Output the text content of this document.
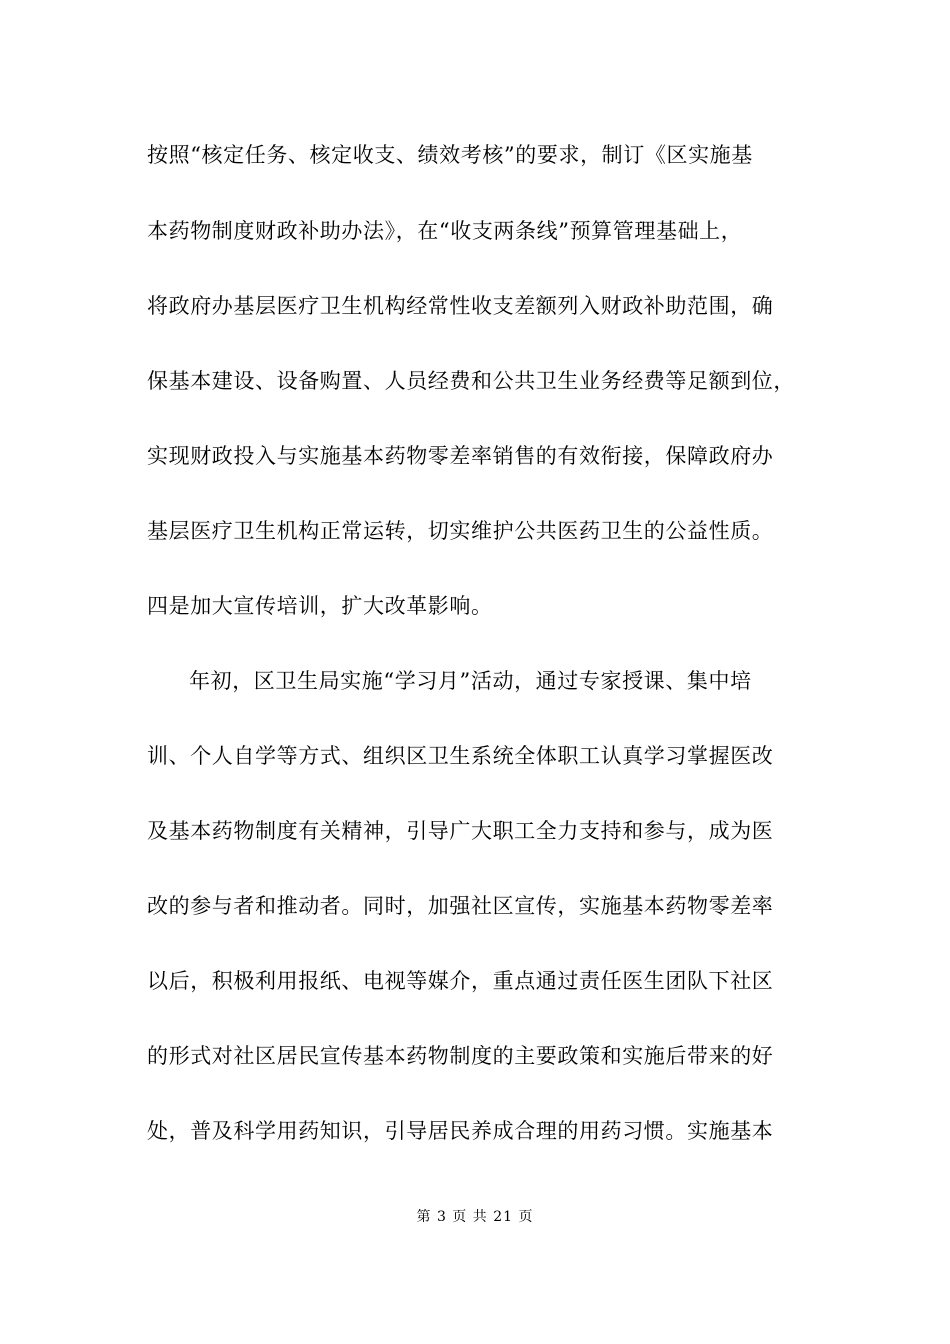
按照“核定任务、核定收支、绩效考核”的要求，制订《区实施基
本药物制度财政补助办法》，在“收支两条线”预算管理基础上，
将政府办基层医疗卫生机构经常性收支差额列入财政补助范围，确
保基本建设、设备购置、人员经费和公共卫生业务经费等足额到位，
实现财政投入与实施基本药物零差率销售的有效衔接，保障政府办
基层医疗卫生机构正常运转，切实维护公共医药卫生的公益性质。
四是加大宣传培训，扩大改革影响。
年初，区卫生局实施“学习月”活动，通过专家授课、集中培
训、个人自学等方式、组织区卫生系统全体职工认真学习掌握医改
及基本药物制度有关精神，引导广大职工全力支持和参与，成为医
改的参与者和推动者。同时，加强社区宣传，实施基本药物零差率
以后，积极利用报纸、电视等媒介，重点通过责任医生团队下社区
的形式对社区居民宣传基本药物制度的主要政策和实施后带来的好
处，普及科学用药知识，引导居民养成合理的用药习惯。实施基本
第 3 页 共 21 页
